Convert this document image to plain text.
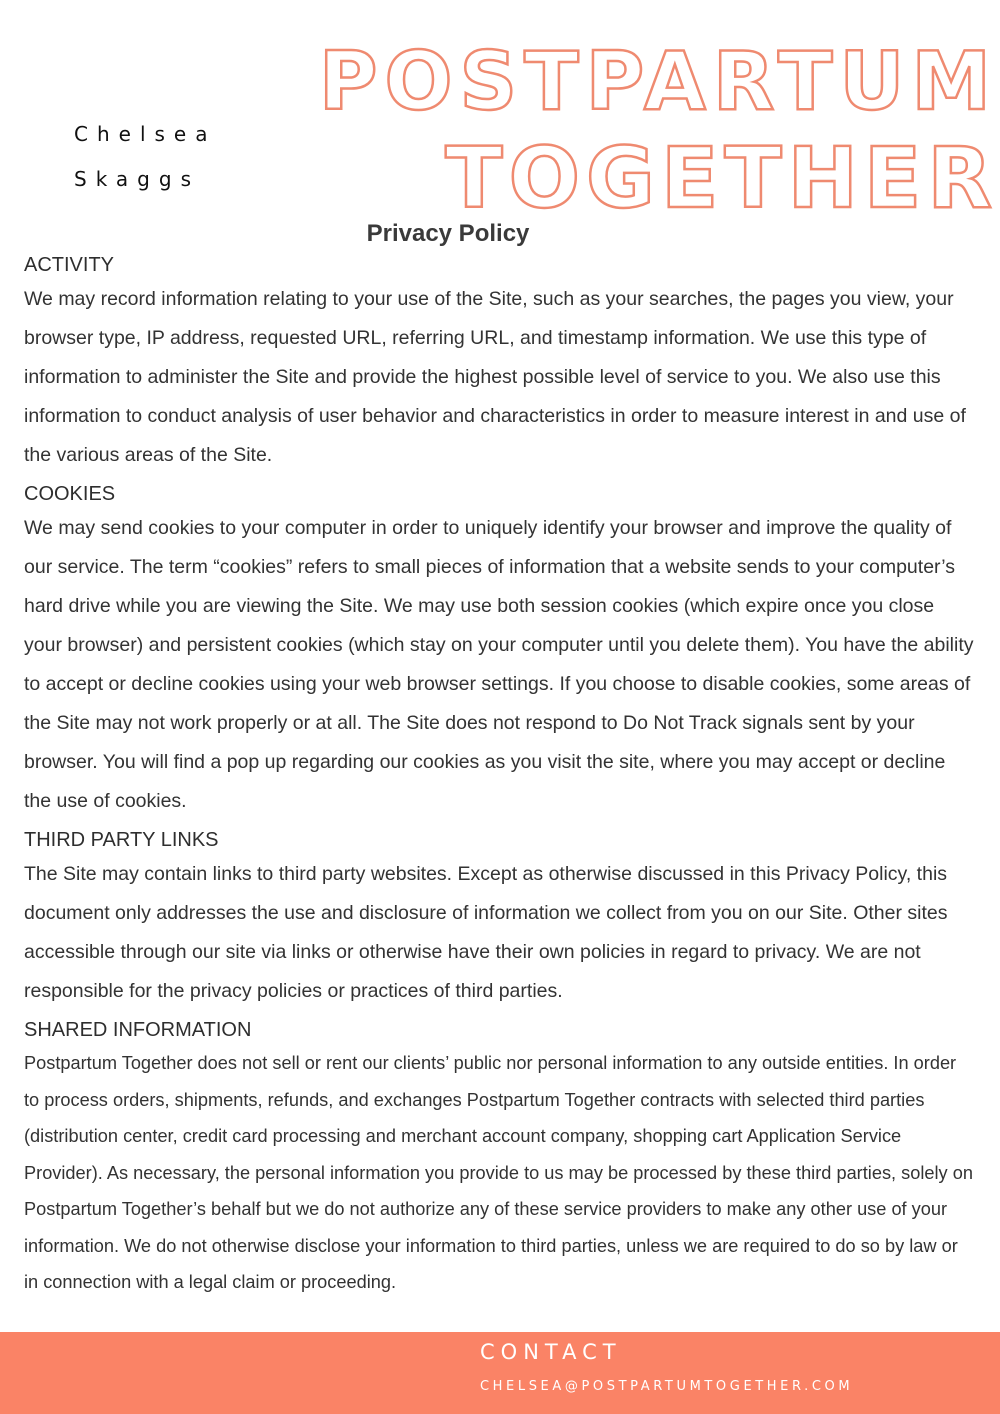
Chelsea
Skaggs
POSTPARTUM
TOGETHER
Privacy Policy

ACTIVITY

We may record information relating to your use of the Site, such as your searches, the pages you view, your browser type, IP address, requested URL, referring URL, and timestamp information. We use this type of information to administer the Site and provide the highest possible level of service to you. We also use this information to conduct analysis of user behavior and characteristics in order to measure interest in and use of the various areas of the Site.

COOKIES

We may send cookies to your computer in order to uniquely identify your browser and improve the quality of our service. The term “cookies” refers to small pieces of information that a website sends to your computer’s hard drive while you are viewing the Site. We may use both session cookies (which expire once you close your browser) and persistent cookies (which stay on your computer until you delete them). You have the ability to accept or decline cookies using your web browser settings. If you choose to disable cookies, some areas of the Site may not work properly or at all. The Site does not respond to Do Not Track signals sent by your browser. You will find a pop up regarding our cookies as you visit the site, where you may accept or decline the use of cookies.

THIRD PARTY LINKS

The Site may contain links to third party websites. Except as otherwise discussed in this Privacy Policy, this document only addresses the use and disclosure of information we collect from you on our Site. Other sites accessible through our site via links or otherwise have their own policies in regard to privacy. We are not responsible for the privacy policies or practices of third parties.

SHARED INFORMATION

Postpartum Together does not sell or rent our clients’ public nor personal information to any outside entities. In order to process orders, shipments, refunds, and exchanges Postpartum Together contracts with selected third parties (distribution center, credit card processing and merchant account company, shopping cart Application Service Provider). As necessary, the personal information you provide to us may be processed by these third parties, solely on Postpartum Together’s behalf but we do not authorize any of these service providers to make any other use of your information. We do not otherwise disclose your information to third parties, unless we are required to do so by law or in connection with a legal claim or proceeding.

CONTACT
CHELSEA@POSTPARTUMTOGETHER.COM
